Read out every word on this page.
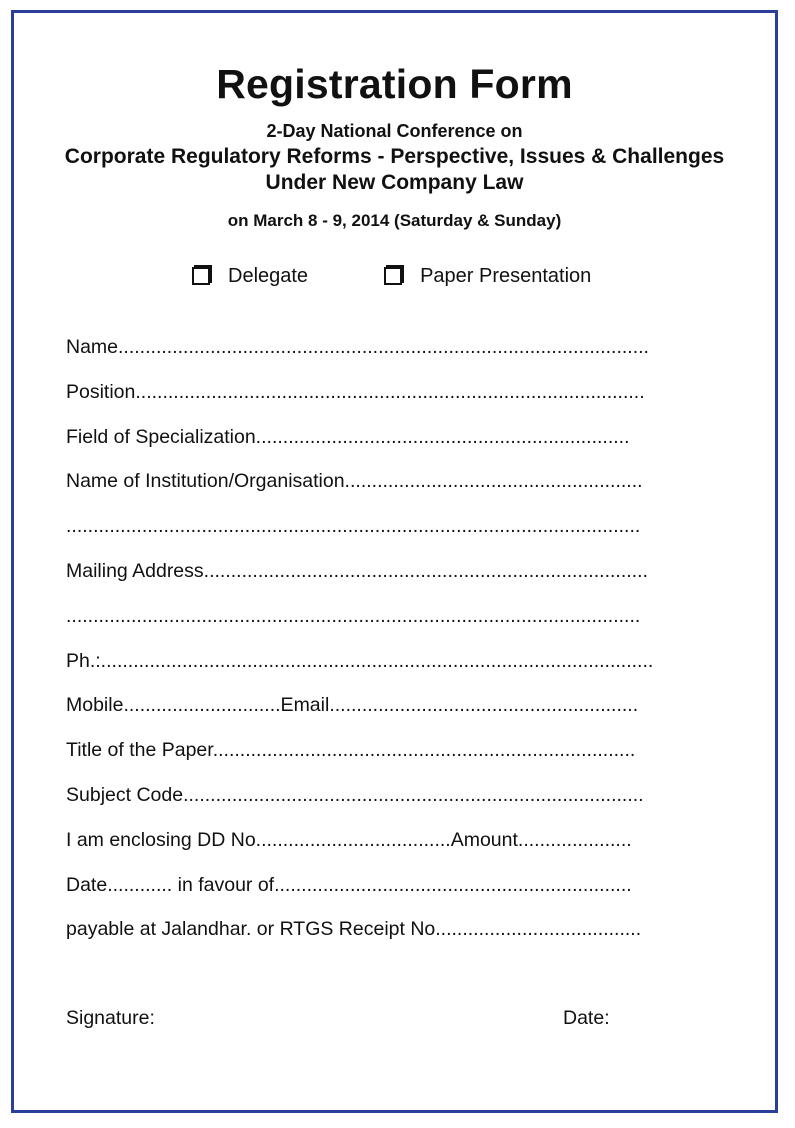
Registration Form
2-Day National Conference on
Corporate Regulatory Reforms - Perspective, Issues & Challenges
Under New Company Law
on March 8 - 9, 2014 (Saturday & Sunday)
Delegate	Paper Presentation
Name..................................................................................................
Position..............................................................................................
Field of Specialization.....................................................................
Name of Institution/Organisation.......................................................
..........................................................................................................
Mailing Address..................................................................................
..........................................................................................................
Ph.:......................................................................................................
Mobile.............................Email.........................................................
Title of the Paper..............................................................................
Subject Code.....................................................................................
I am enclosing DD No....................................Amount.....................
Date............ in favour of..................................................................
payable at Jalandhar. or RTGS Receipt No......................................
Signature:	Date:
